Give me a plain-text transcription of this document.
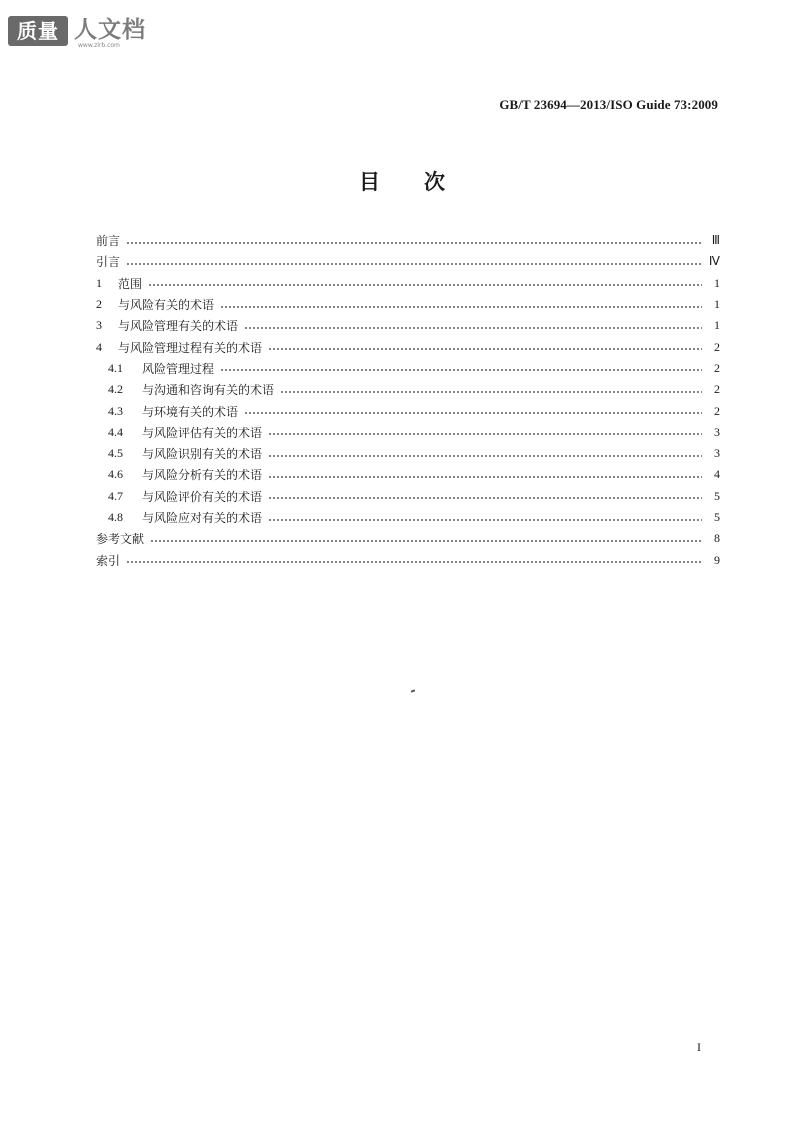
质量 人文档
www.zlrb.com
GB/T 23694—2013/ISO Guide 73:2009
目次
前言	Ⅲ
引言	Ⅳ
1	范围	1
2	与风险有关的术语	1
3	与风险管理有关的术语	1
4	与风险管理过程有关的术语	2
4.1	风险管理过程	2
4.2	与沟通和咨询有关的术语	2
4.3	与环境有关的术语	2
4.4	与风险评估有关的术语	3
4.5	与风险识别有关的术语	3
4.6	与风险分析有关的术语	4
4.7	与风险评价有关的术语	5
4.8	与风险应对有关的术语	5
参考文献	8
索引	9
I
